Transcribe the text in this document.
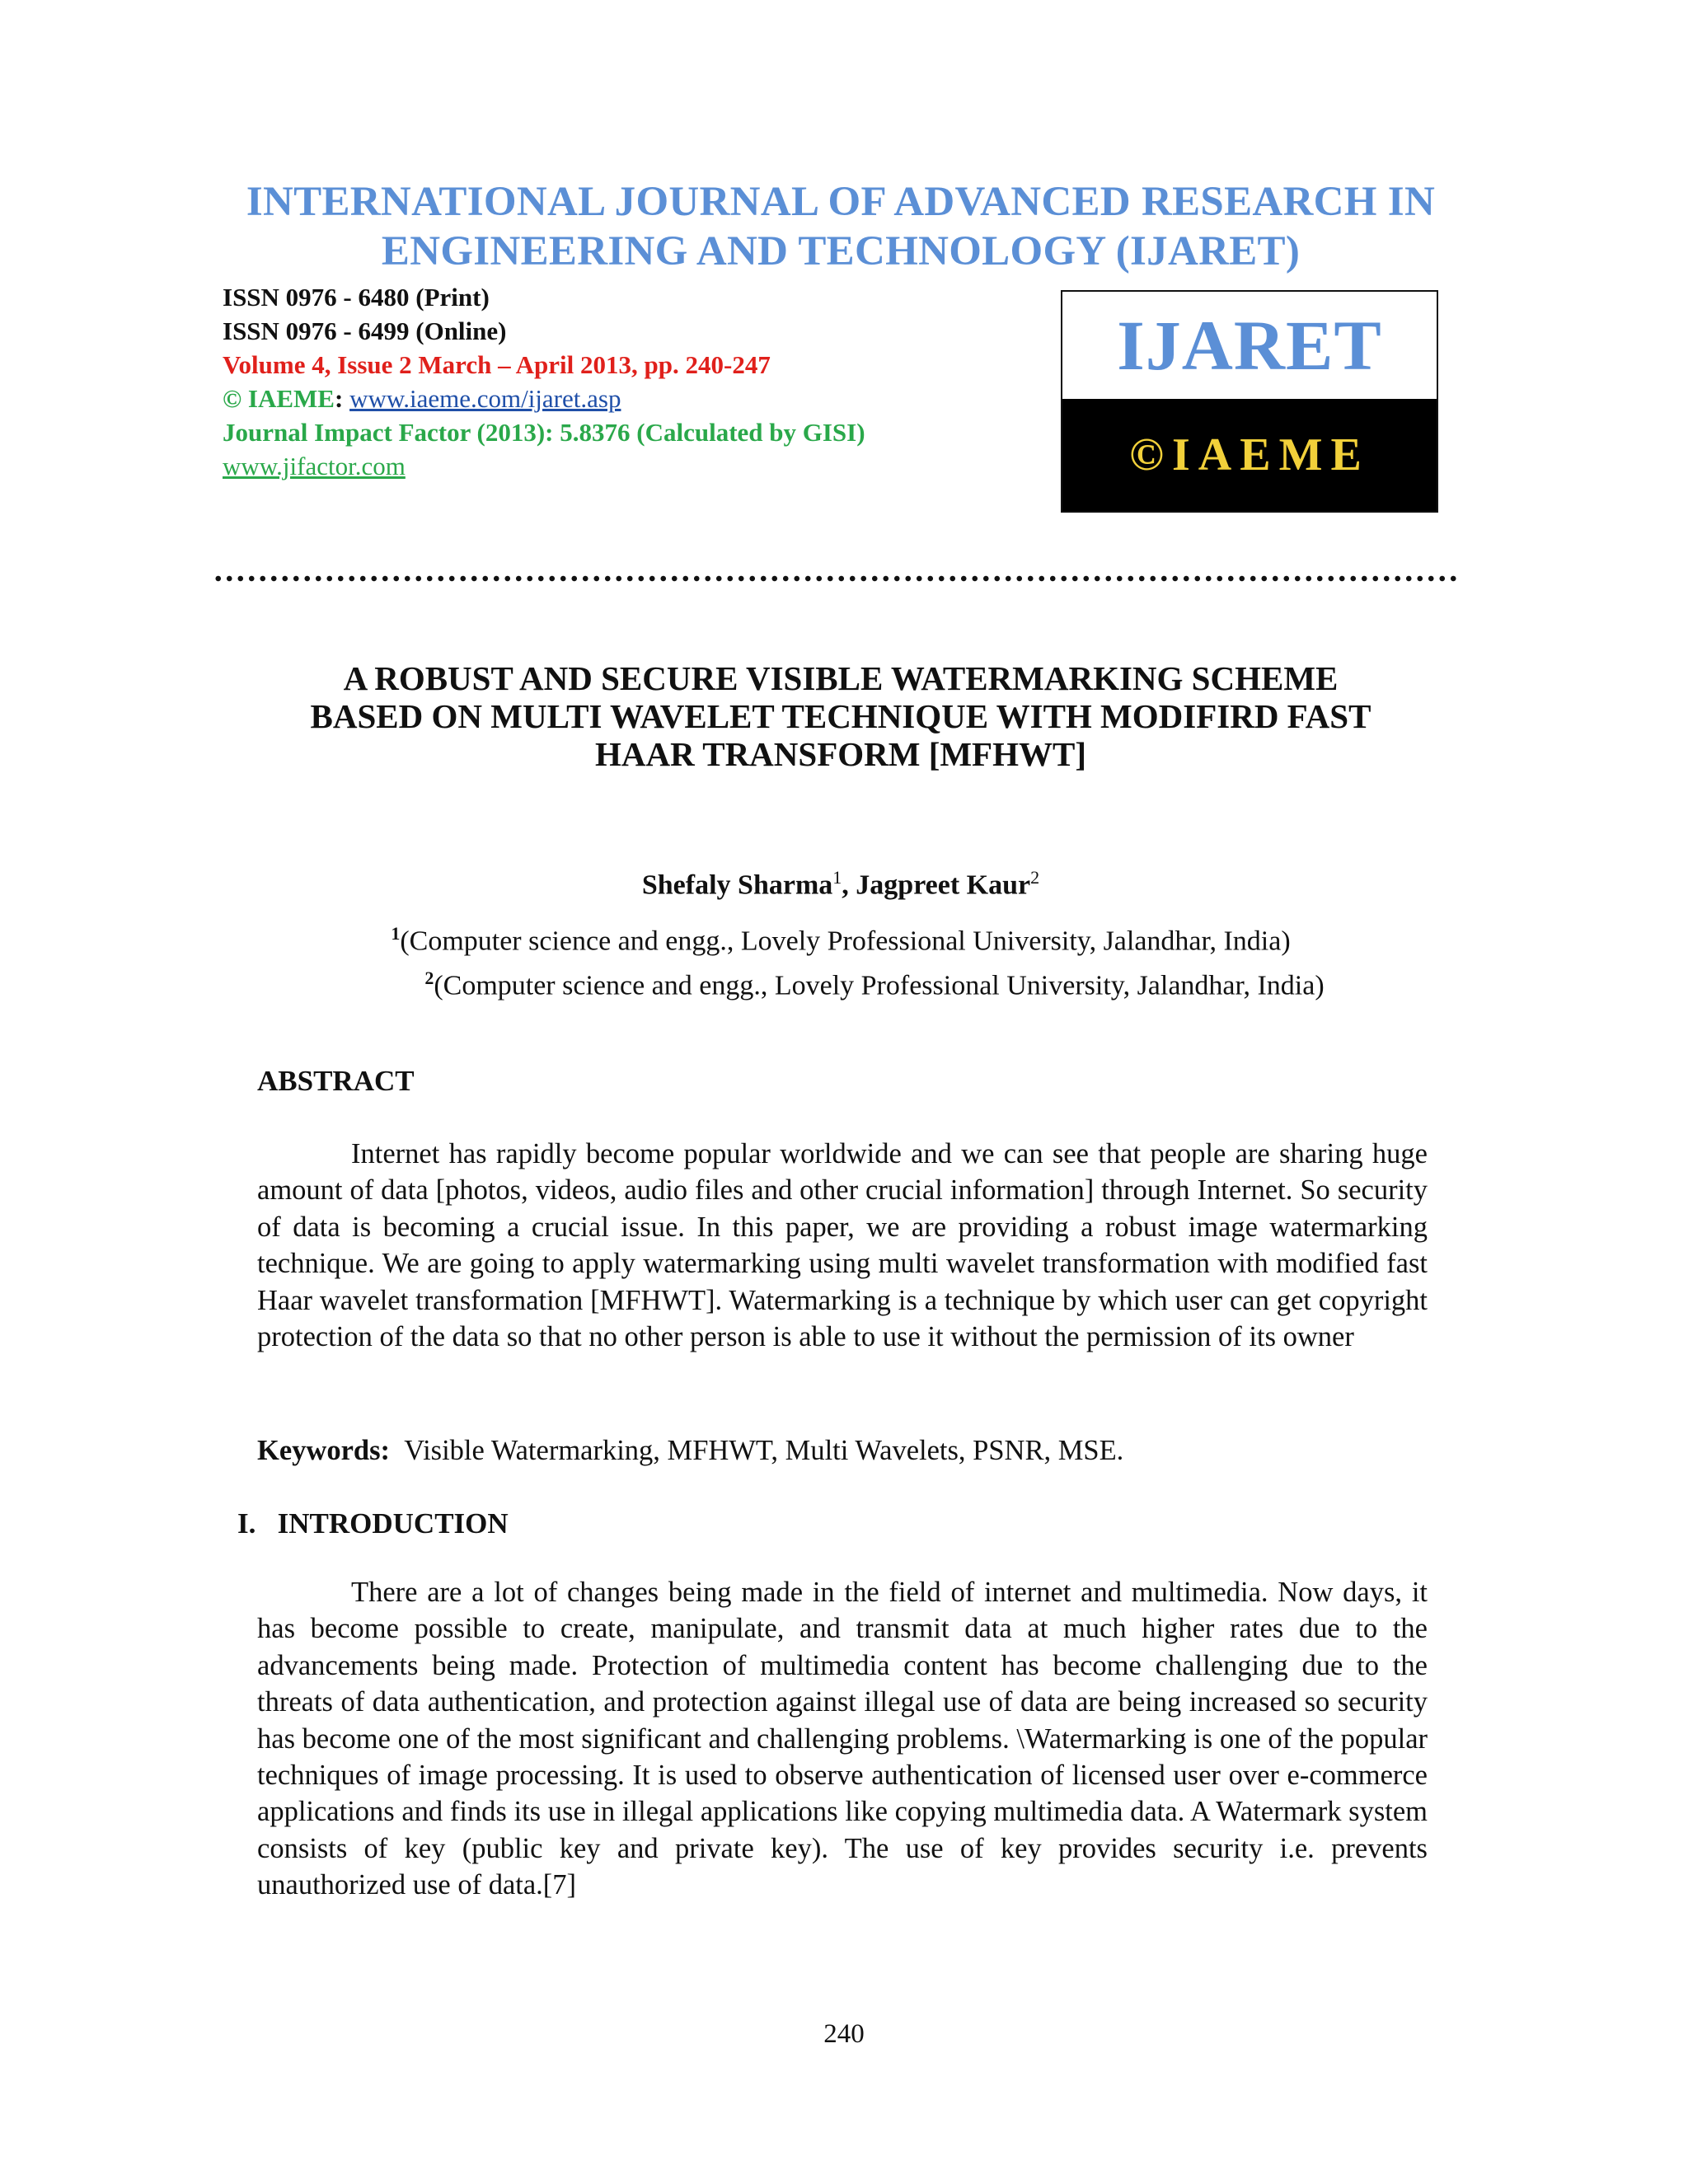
INTERNATIONAL JOURNAL OF ADVANCED RESEARCH IN
ENGINEERING AND TECHNOLOGY (IJARET)
ISSN 0976 - 6480 (Print)
ISSN 0976 - 6499 (Online)
Volume 4, Issue 2 March – April 2013, pp. 240-247
© IAEME: www.iaeme.com/ijaret.asp
Journal Impact Factor (2013): 5.8376 (Calculated by GISI)
www.jifactor.com
IJARET
©IAEME
A ROBUST AND SECURE VISIBLE WATERMARKING SCHEME
BASED ON MULTI WAVELET TECHNIQUE WITH MODIFIRD FAST
HAAR TRANSFORM [MFHWT]
Shefaly Sharma$^1$, Jagpreet Kaur$^2$
$^1$(Computer science and engg., Lovely Professional University, Jalandhar, India)
$^2$(Computer science and engg., Lovely Professional University, Jalandhar, India)
ABSTRACT
Internet has rapidly become popular worldwide and we can see that people are sharing huge amount of data [photos, videos, audio files and other crucial information] through Internet. So security of data is becoming a crucial issue. In this paper, we are providing a robust image watermarking technique. We are going to apply watermarking using multi wavelet transformation with modified fast Haar wavelet transformation [MFHWT]. Watermarking is a technique by which user can get copyright protection of the data so that no other person is able to use it without the permission of its owner
Keywords: Visible Watermarking, MFHWT, Multi Wavelets, PSNR, MSE.
I.   INTRODUCTION
There are a lot of changes being made in the field of internet and multimedia. Now days, it has become possible to create, manipulate, and transmit data at much higher rates due to the advancements being made. Protection of multimedia content has become challenging due to the threats of data authentication, and protection against illegal use of data are being increased so security has become one of the most significant and challenging problems. \Watermarking is one of the popular techniques of image processing. It is used to observe authentication of licensed user over e-commerce applications and finds its use in illegal applications like copying multimedia data. A Watermark system consists of key (public key and private key). The use of key provides security i.e. prevents unauthorized use of data.[7]
240
